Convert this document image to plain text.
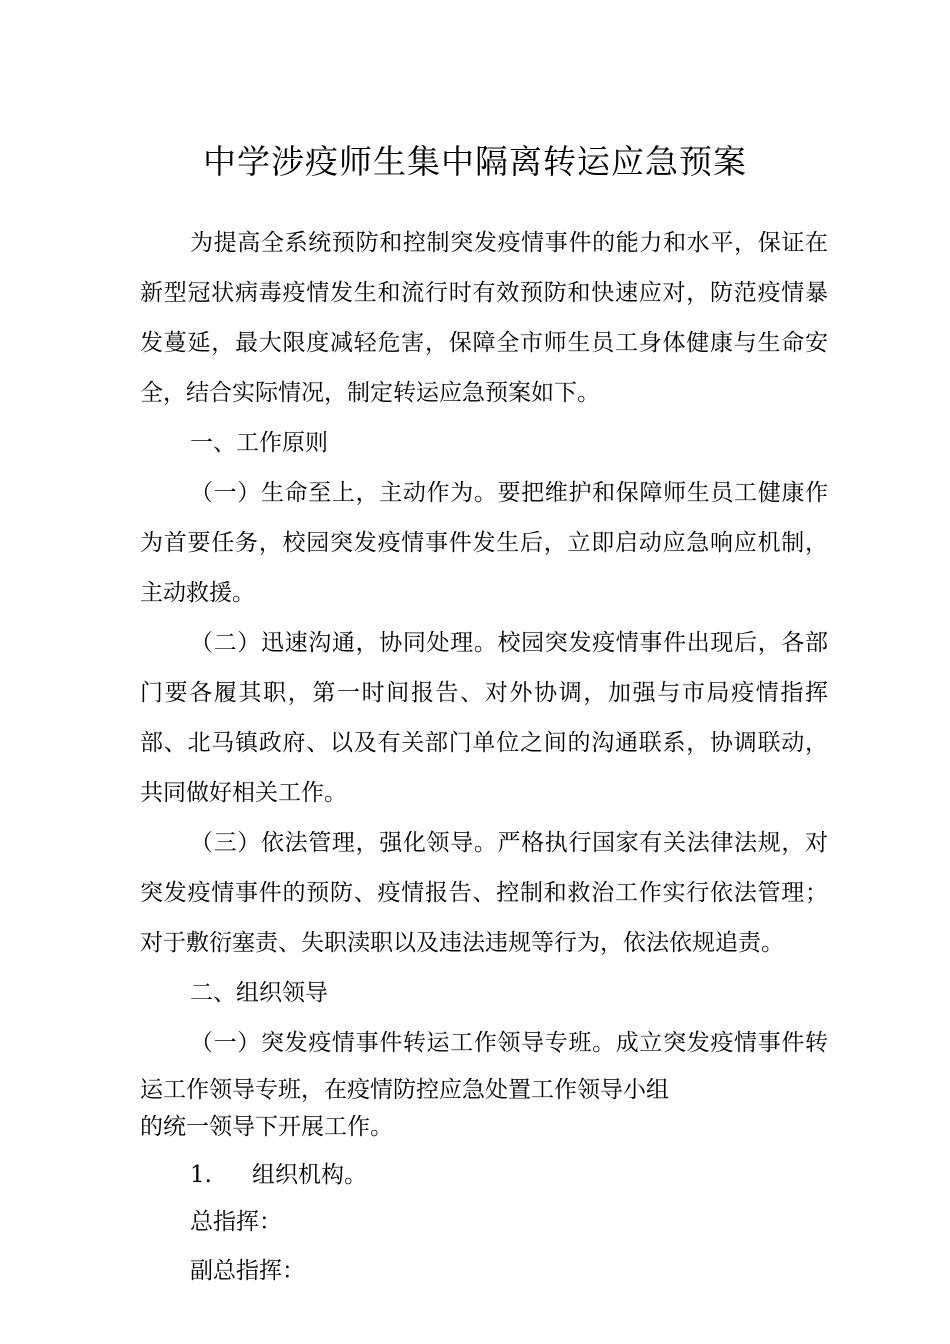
中学涉疫师生集中隔离转运应急预案
为提高全系统预防和控制突发疫情事件的能力和水平，保证在
新型冠状病毒疫情发生和流行时有效预防和快速应对，防范疫情暴
发蔓延，最大限度减轻危害，保障全市师生员工身体健康与生命安
全，结合实际情况，制定转运应急预案如下。
一、工作原则
（一）生命至上，主动作为。要把维护和保障师生员工健康作
为首要任务，校园突发疫情事件发生后，立即启动应急响应机制，
主动救援。
（二）迅速沟通，协同处理。校园突发疫情事件出现后，各部
门要各履其职，第一时间报告、对外协调，加强与市局疫情指挥
部、北马镇政府、以及有关部门单位之间的沟通联系，协调联动，
共同做好相关工作。
（三）依法管理，强化领导。严格执行国家有关法律法规，对
突发疫情事件的预防、疫情报告、控制和救治工作实行依法管理；
对于敷衍塞责、失职渎职以及违法违规等行为，依法依规追责。
二、组织领导
（一）突发疫情事件转运工作领导专班。成立突发疫情事件转
运工作领导专班，在疫情防控应急处置工作领导小组
的统一领导下开展工作。
1. 组织机构。
总指挥：
副总指挥：
